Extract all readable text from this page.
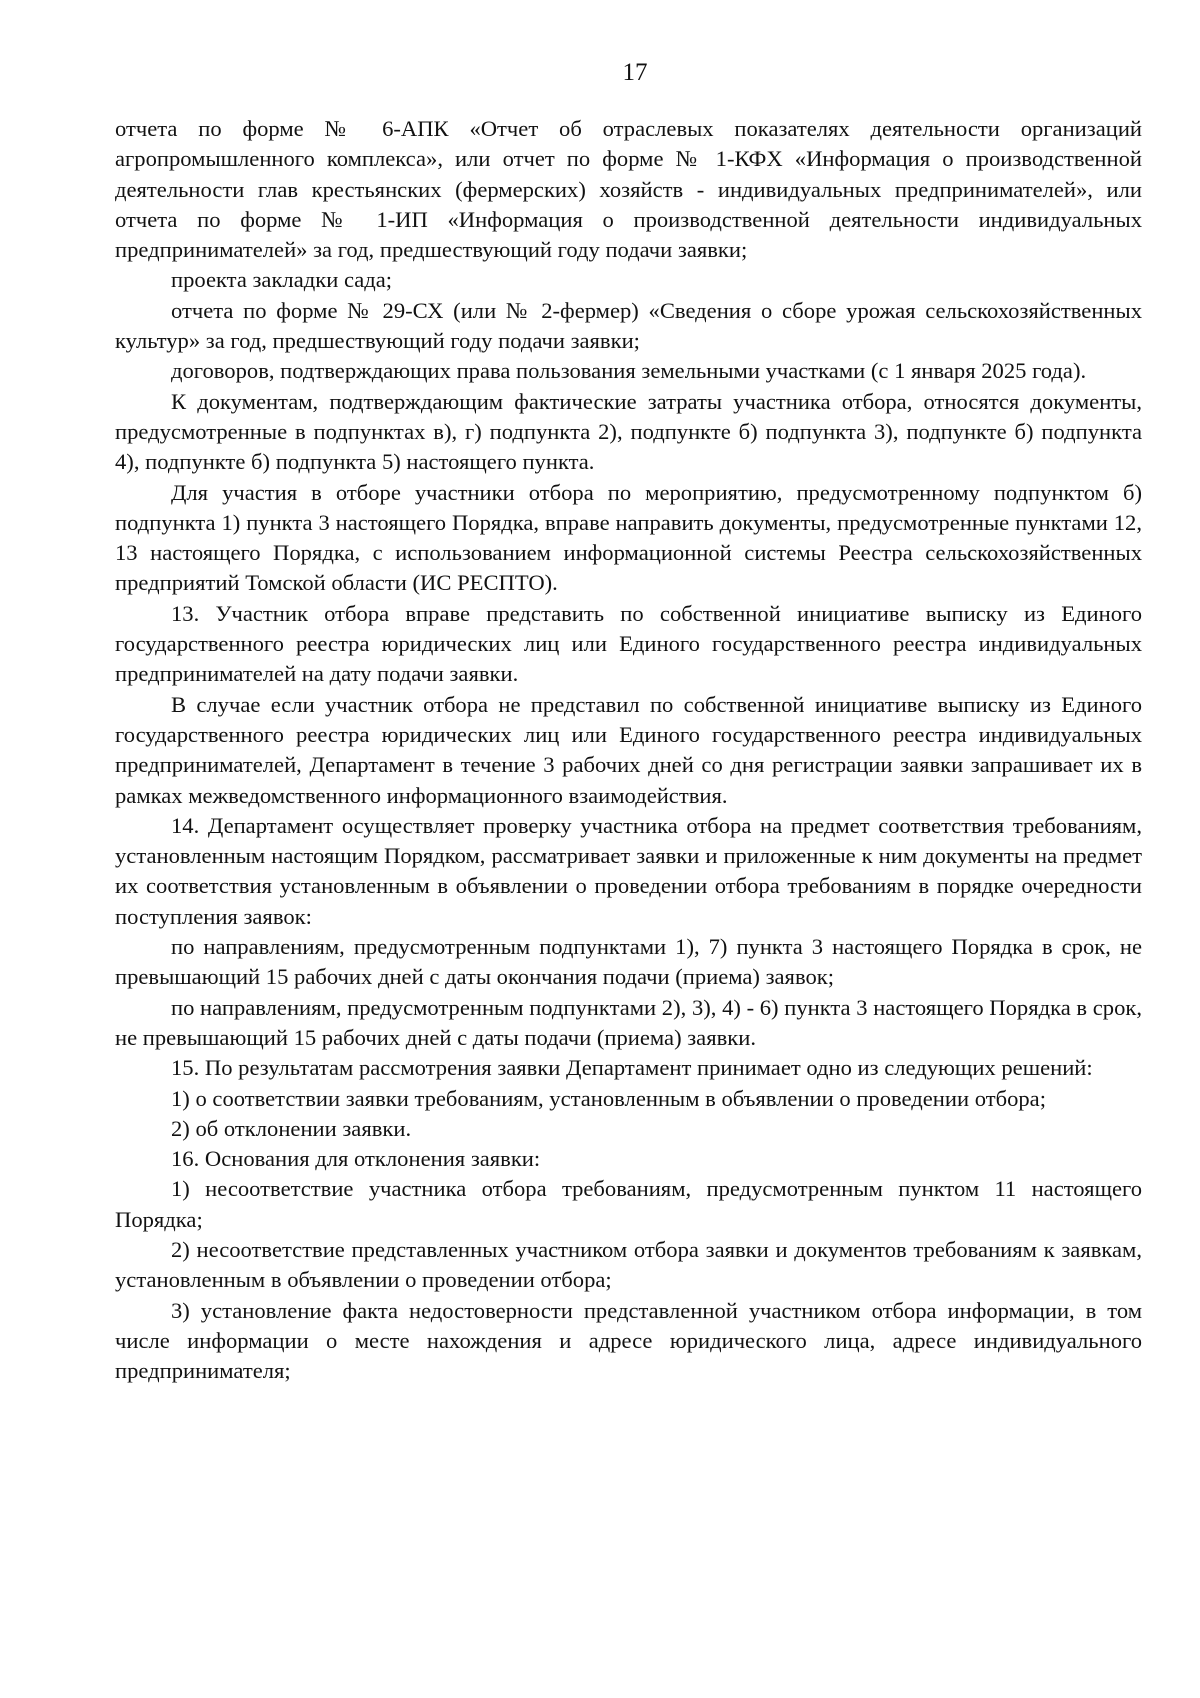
17

отчета по форме № 6-АПК «Отчет об отраслевых показателях деятельности организаций агропромышленного комплекса», или отчет по форме № 1-КФХ «Информация о производственной деятельности глав крестьянских (фермерских) хозяйств - индивидуальных предпринимателей», или отчета по форме № 1-ИП «Информация о производственной деятельности индивидуальных предпринимателей» за год, предшествующий году подачи заявки;

проекта закладки сада;

отчета по форме № 29-СХ (или № 2-фермер) «Сведения о сборе урожая сельскохозяйственных культур» за год, предшествующий году подачи заявки;

договоров, подтверждающих права пользования земельными участками (с 1 января 2025 года).

К документам, подтверждающим фактические затраты участника отбора, относятся документы, предусмотренные в подпунктах в), г) подпункта 2), подпункте б) подпункта 3), подпункте б) подпункта 4), подпункте б) подпункта 5) настоящего пункта.

Для участия в отборе участники отбора по мероприятию, предусмотренному подпунктом б) подпункта 1) пункта 3 настоящего Порядка, вправе направить документы, предусмотренные пунктами 12, 13 настоящего Порядка, с использованием информационной системы Реестра сельскохозяйственных предприятий Томской области (ИС РЕСПТО).

13. Участник отбора вправе представить по собственной инициативе выписку из Единого государственного реестра юридических лиц или Единого государственного реестра индивидуальных предпринимателей на дату подачи заявки.

В случае если участник отбора не представил по собственной инициативе выписку из Единого государственного реестра юридических лиц или Единого государственного реестра индивидуальных предпринимателей, Департамент в течение 3 рабочих дней со дня регистрации заявки запрашивает их в рамках межведомственного информационного взаимодействия.

14. Департамент осуществляет проверку участника отбора на предмет соответствия требованиям, установленным настоящим Порядком, рассматривает заявки и приложенные к ним документы на предмет их соответствия установленным в объявлении о проведении отбора требованиям в порядке очередности поступления заявок:

по направлениям, предусмотренным подпунктами 1), 7) пункта 3 настоящего Порядка в срок, не превышающий 15 рабочих дней с даты окончания подачи (приема) заявок;

по направлениям, предусмотренным подпунктами 2), 3), 4) - 6) пункта 3 настоящего Порядка в срок, не превышающий 15 рабочих дней с даты подачи (приема) заявки.

15. По результатам рассмотрения заявки Департамент принимает одно из следующих решений:

1) о соответствии заявки требованиям, установленным в объявлении о проведении отбора;

2) об отклонении заявки.

16. Основания для отклонения заявки:

1) несоответствие участника отбора требованиям, предусмотренным пунктом 11 настоящего Порядка;

2) несоответствие представленных участником отбора заявки и документов требованиям к заявкам, установленным в объявлении о проведении отбора;

3) установление факта недостоверности представленной участником отбора информации, в том числе информации о месте нахождения и адресе юридического лица, адресе индивидуального предпринимателя;
